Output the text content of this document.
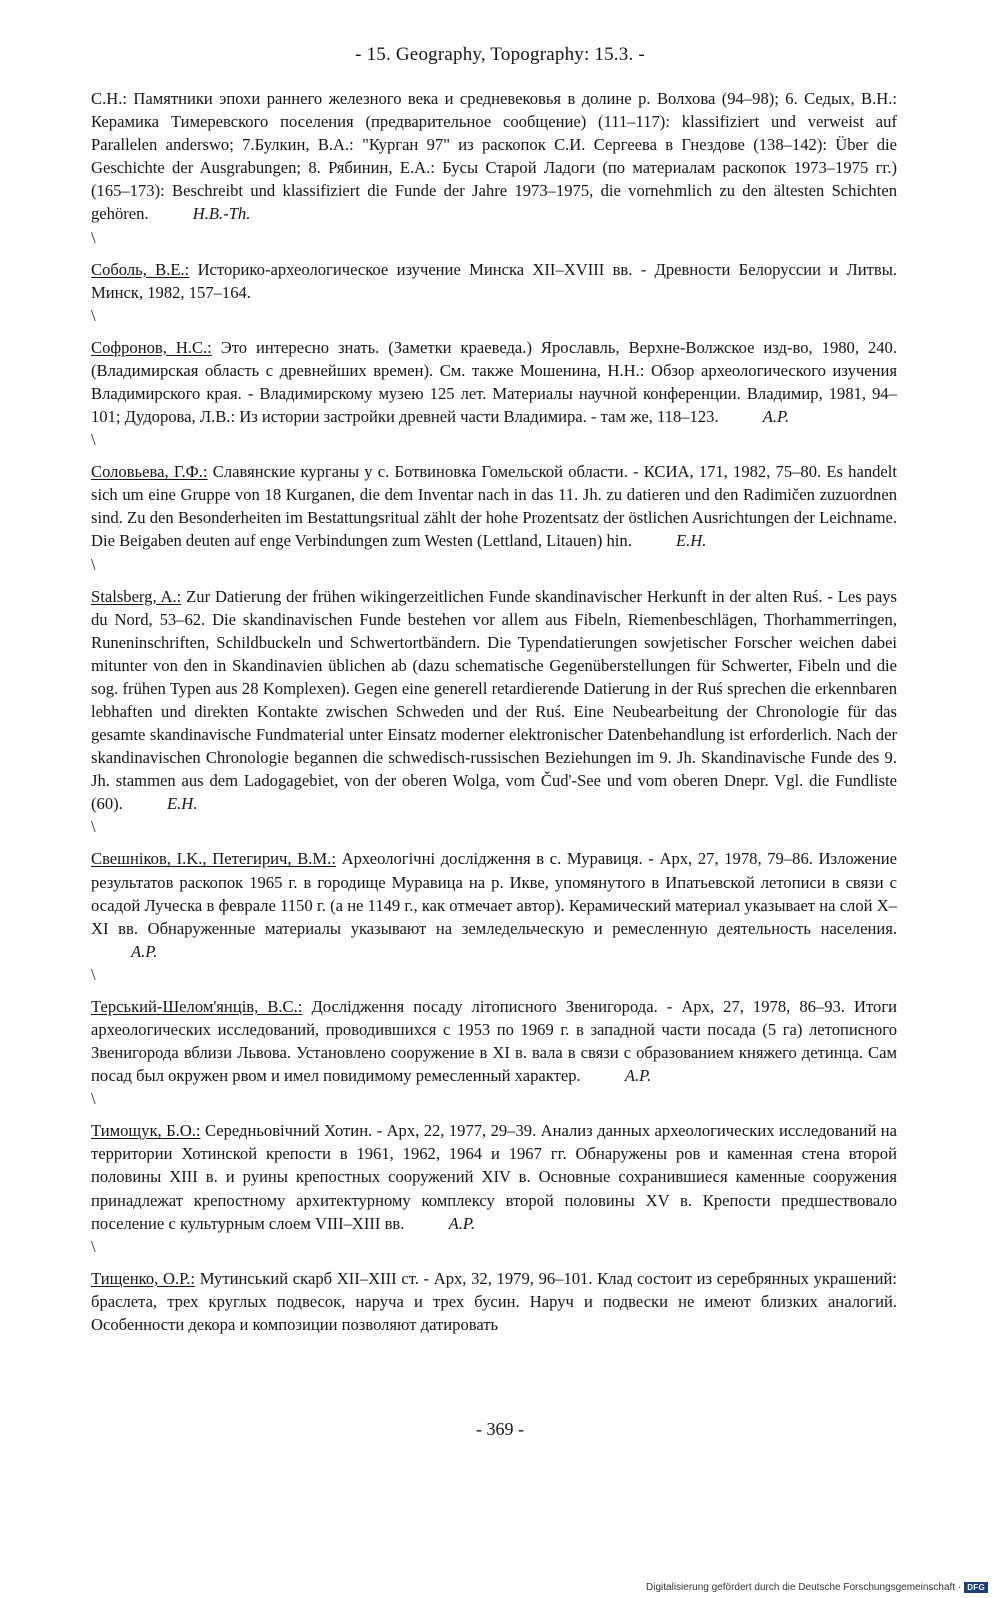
- 15. Geography, Topography: 15.3. -

С.Н.: Памятники эпохи раннего железного века и средневековья в долине р. Волхова (94–98); 6. Седых, В.Н.: Керамика Тимеревского поселения (предварительное сообщение) (111–117): klassifiziert und verweist auf Parallelen anderswo; 7.Булкин, В.А.: "Курган 97" из раскопок С.И. Сергеева в Гнездове (138–142): Über die Geschichte der Ausgrabungen; 8. Рябинин, Е.А.: Бусы Старой Ладоги (по материалам раскопок 1973–1975 гг.) (165–173): Beschreibt und klassifiziert die Funde der Jahre 1973–1975, die vornehmlich zu den ältesten Schichten gehören.	H.B.-Th.

\

Соболь, В.Е.: Историко-археологическое изучение Минска XII–XVIII вв. - Древности Белоруссии и Литвы. Минск, 1982, 157–164.

\

Софронов, Н.С.: Это интересно знать. (Заметки краеведа.) Ярославль, Верхне-Волжское изд-во, 1980, 240. (Владимирская область с древнейших времен). См. также Мошенина, Н.Н.: Обзор археологического изучения Владимирского края. - Владимирскому музею 125 лет. Материалы научной конференции. Владимир, 1981, 94–101; Дудорова, Л.В.: Из истории застройки древней части Владимира. - там же, 118–123.	A.P.

\

Соловьева, Г.Ф.: Славянские курганы у с. Ботвиновка Гомельской области. - КСИА, 171, 1982, 75–80. Es handelt sich um eine Gruppe von 18 Kurganen, die dem Inventar nach in das 11. Jh. zu datieren und den Radimičen zuzuordnen sind. Zu den Besonderheiten im Bestattungsritual zählt der hohe Prozentsatz der östlichen Ausrichtungen der Leichname. Die Beigaben deuten auf enge Verbindungen zum Westen (Lettland, Litauen) hin.	E.H.

\

Stalsberg, A.: Zur Datierung der frühen wikingerzeitlichen Funde skandinavischer Herkunft in der alten Ruś. - Les pays du Nord, 53–62. Die skandinavischen Funde bestehen vor allem aus Fibeln, Riemenbeschlägen, Thorhammerringen, Runeninschriften, Schildbuckeln und Schwertortbändern. Die Typendatierungen sowjetischer Forscher weichen dabei mitunter von den in Skandinavien üblichen ab (dazu schematische Gegenüberstellungen für Schwerter, Fibeln und die sog. frühen Typen aus 28 Komplexen). Gegen eine generell retardierende Datierung in der Ruś sprechen die erkennbaren lebhaften und direkten Kontakte zwischen Schweden und der Ruś. Eine Neubearbeitung der Chronologie für das gesamte skandinavische Fundmaterial unter Einsatz moderner elektronischer Datenbehandlung ist erforderlich. Nach der skandinavischen Chronologie begannen die schwedisch-russischen Beziehungen im 9. Jh. Skandinavische Funde des 9. Jh. stammen aus dem Ladogagebiet, von der oberen Wolga, vom Čud'-See und vom oberen Dnepr. Vgl. die Fundliste (60).	E.H.

\

Свешнiков, I.K., Петегирич, В.М.: Археологiчнi дослiдження в с. Муравиця. - Арх, 27, 1978, 79–86. Изложение результатов раскопок 1965 г. в городище Муравица на р. Икве, упомянутого в Ипатьевской летописи в связи с осадой Луческа в феврале 1150 г. (а не 1149 г., как отмечает автор). Керамический материал указывает на слой X–XI вв. Обнаруженные материалы указывают на земледельческую и ремесленную деятельность населения. A.P.

\

Терський-Шелом'янцiв, В.С.: Дослiдження посаду лiтописного Звенигорода. - Арх, 27, 1978, 86–93. Итоги археологических исследований, проводившихся с 1953 по 1969 г. в западной части посада (5 га) летописного Звенигорода вблизи Львова. Установлено сооружение в XI в. вала в связи с образованием княжего детинца. Сам посад был окружен рвом и имел повидимому ремесленный характер.	A.P.

\

Тимощук, Б.О.: Середньовiчний Хотин. - Арх, 22, 1977, 29–39. Анализ данных археологических исследований на территории Хотинской крепости в 1961, 1962, 1964 и 1967 гг. Обнаружены ров и каменная стена второй половины XIII в. и руины крепостных сооружений XIV в. Основные сохранившиеся каменные сооружения принадлежат крепостному архитектурному комплексу второй половины XV в. Крепости предшествовало поселение с культурным слоем VIII–XIII вв.	A.P.

\

Тищенко, О.Р.: Мутинський скарб XII–XIII ст. - Арх, 32, 1979, 96–101. Клад состоит из серебрянных украшений: браслета, трех круглых подвесок, наруча и трех бусин. Наруч и подвески не имеют близких аналогий. Особенности декора и композиции позволяют датировать

- 369 -
Digitalisierung gefördert durch die Deutsche Forschungsgemeinschaft · DFG
